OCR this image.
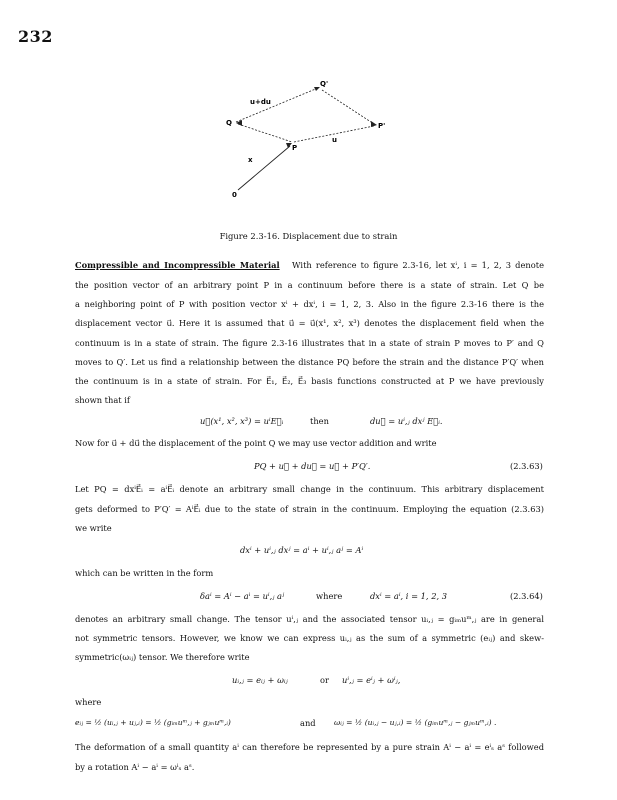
232
Q'
u+du
Q	P'
u
P
x
0
Figure 2.3-16. Displacement due to strain
Compressible and Incompressible Material With reference to figure 2.3-16, let xⁱ, i = 1, 2, 3 denote
the position vector of an arbitrary point P in a continuum before there is a state of strain. Let Q be
a neighboring point of P with position vector xⁱ + dxⁱ, i = 1, 2, 3. Also in the figure 2.3-16 there is the
displacement vector u⃗. Here it is assumed that u⃗ = u⃗(x¹, x², x³) denotes the displacement field when the
continuum is in a state of strain. The figure 2.3-16 illustrates that in a state of strain P moves to P′ and Q
moves to Q′. Let us find a relationship between the distance PQ before the strain and the distance P′Q′ when
the continuum is in a state of strain. For E⃗₁, E⃗₂, E⃗₃ basis functions constructed at P we have previously
shown that if
u⃗(x¹, x², x³) = uⁱE⃗ᵢ	then	du⃗ = uⁱ,ⱼ dxʲ E⃗ᵢ.
Now for u⃗ + du⃗ the displacement of the point Q we may use vector addition and write
PQ + u⃗ + du⃗ = u⃗ + P′Q′.	(2.3.63)
Let PQ = dxⁱE⃗ᵢ = aⁱE⃗ᵢ denote an arbitrary small change in the continuum. This arbitrary displacement
gets deformed to P′Q′ = AⁱE⃗ᵢ due to the state of strain in the continuum. Employing the equation (2.3.63)
we write
dxⁱ + uⁱ,ⱼ dxʲ = aⁱ + uⁱ,ⱼ aʲ = Aⁱ
which can be written in the form
δaⁱ = Aⁱ − aⁱ = uⁱ,ⱼ aʲ	where	dxⁱ = aⁱ, i = 1, 2, 3	(2.3.64)
denotes an arbitrary small change. The tensor uⁱ,ⱼ and the associated tensor uᵢ,ⱼ = gᵢₘuᵐ,ⱼ are in general
not symmetric tensors. However, we know we can express uᵢ,ⱼ as the sum of a symmetric (eᵢⱼ) and skew-
symmetric(ωᵢⱼ) tensor. We therefore write
uᵢ,ⱼ = eᵢⱼ + ωᵢⱼ	or uⁱ,ⱼ = eⁱⱼ + ωⁱⱼ,
where
eᵢⱼ = ½ (uᵢ,ⱼ + uⱼ,ᵢ) = ½ (gᵢₘuᵐ,ⱼ + gⱼₘuᵐ,ᵢ)	and ωᵢⱼ = ½ (uᵢ,ⱼ − uⱼ,ᵢ) = ½ (gᵢₘuᵐ,ⱼ − gⱼₘuᵐ,ᵢ) .
The deformation of a small quantity aⁱ can therefore be represented by a pure strain Aⁱ − aⁱ = eⁱₛ aˢ followed
by a rotation Aⁱ − aⁱ = ωⁱₛ aˢ.
